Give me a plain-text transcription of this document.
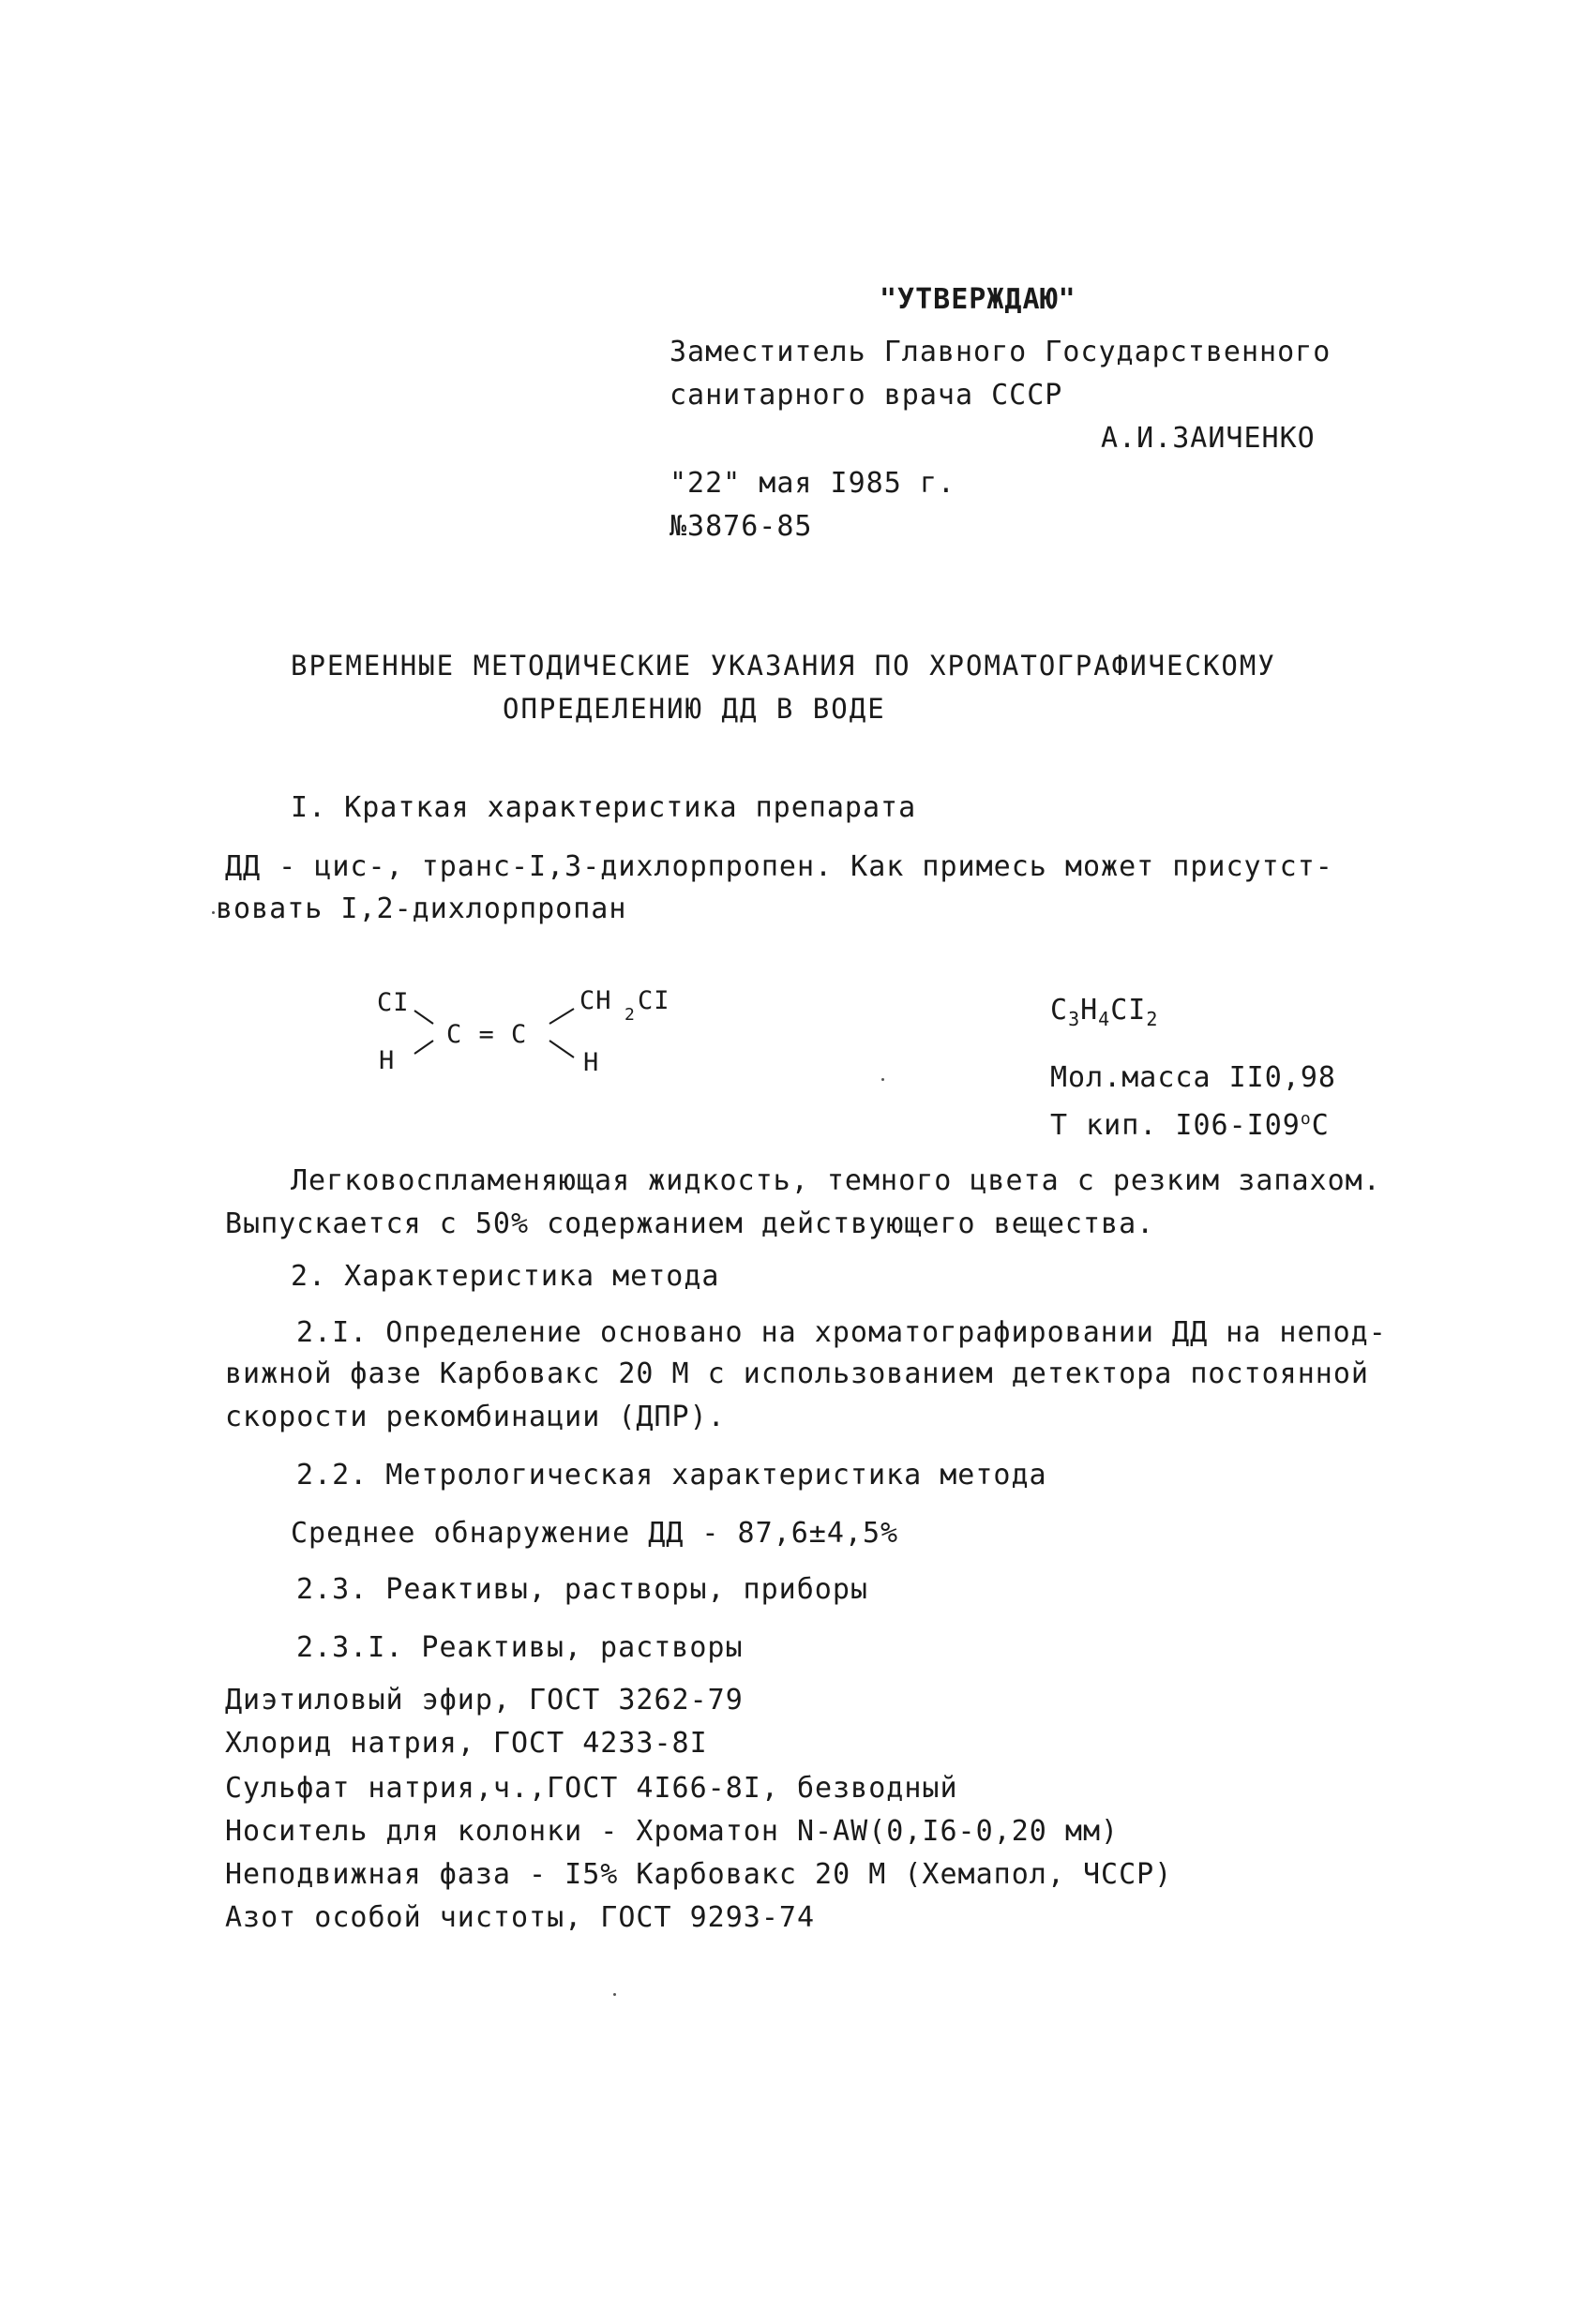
"УТВЕРЖДАЮ"
Заместитель Главного Государственного
санитарного врача СССР
А.И.ЗАИЧЕНКО
"22" мая I985 г.
№3876-85
ВРЕМЕННЫЕ МЕТОДИЧЕСКИЕ УКАЗАНИЯ ПО ХРОМАТОГРАФИЧЕСКОМУ
ОПРЕДЕЛЕНИЮ ДД В ВОДЕ
I. Краткая характеристика препарата
ДД - цис-, транс-I,3-дихлорпропен. Как примесь может присутст-
вовать I,2-дихлорпропан
CI
H
C = C
CH 2 CI
H
$C_3H_4CI_2$
Мол.масса II0,98
Т кип. I06-I09$^o$C
Легковоспламеняющая жидкость, темного цвета с резким запахом.
Выпускается с 50% содержанием действующего вещества.
2. Характеристика метода
2.I. Определение основано на хроматографировании ДД на непод-
вижной фазе Карбовакс 20 М с использованием детектора постоянной
скорости рекомбинации (ДПР).
2.2. Метрологическая характеристика метода
Среднее обнаружение ДД - 87,6±4,5%
2.3. Реактивы, растворы, приборы
2.3.I. Реактивы, растворы
Диэтиловый эфир, ГОСТ 3262-79
Хлорид натрия, ГОСТ 4233-8I
Сульфат натрия,ч.,ГОСТ 4I66-8I, безводный
Носитель для колонки - Хроматон N-AW(0,I6-0,20 мм)
Неподвижная фаза - I5% Карбовакс 20 М (Хемапол, ЧССР)
Азот особой чистоты, ГОСТ 9293-74
